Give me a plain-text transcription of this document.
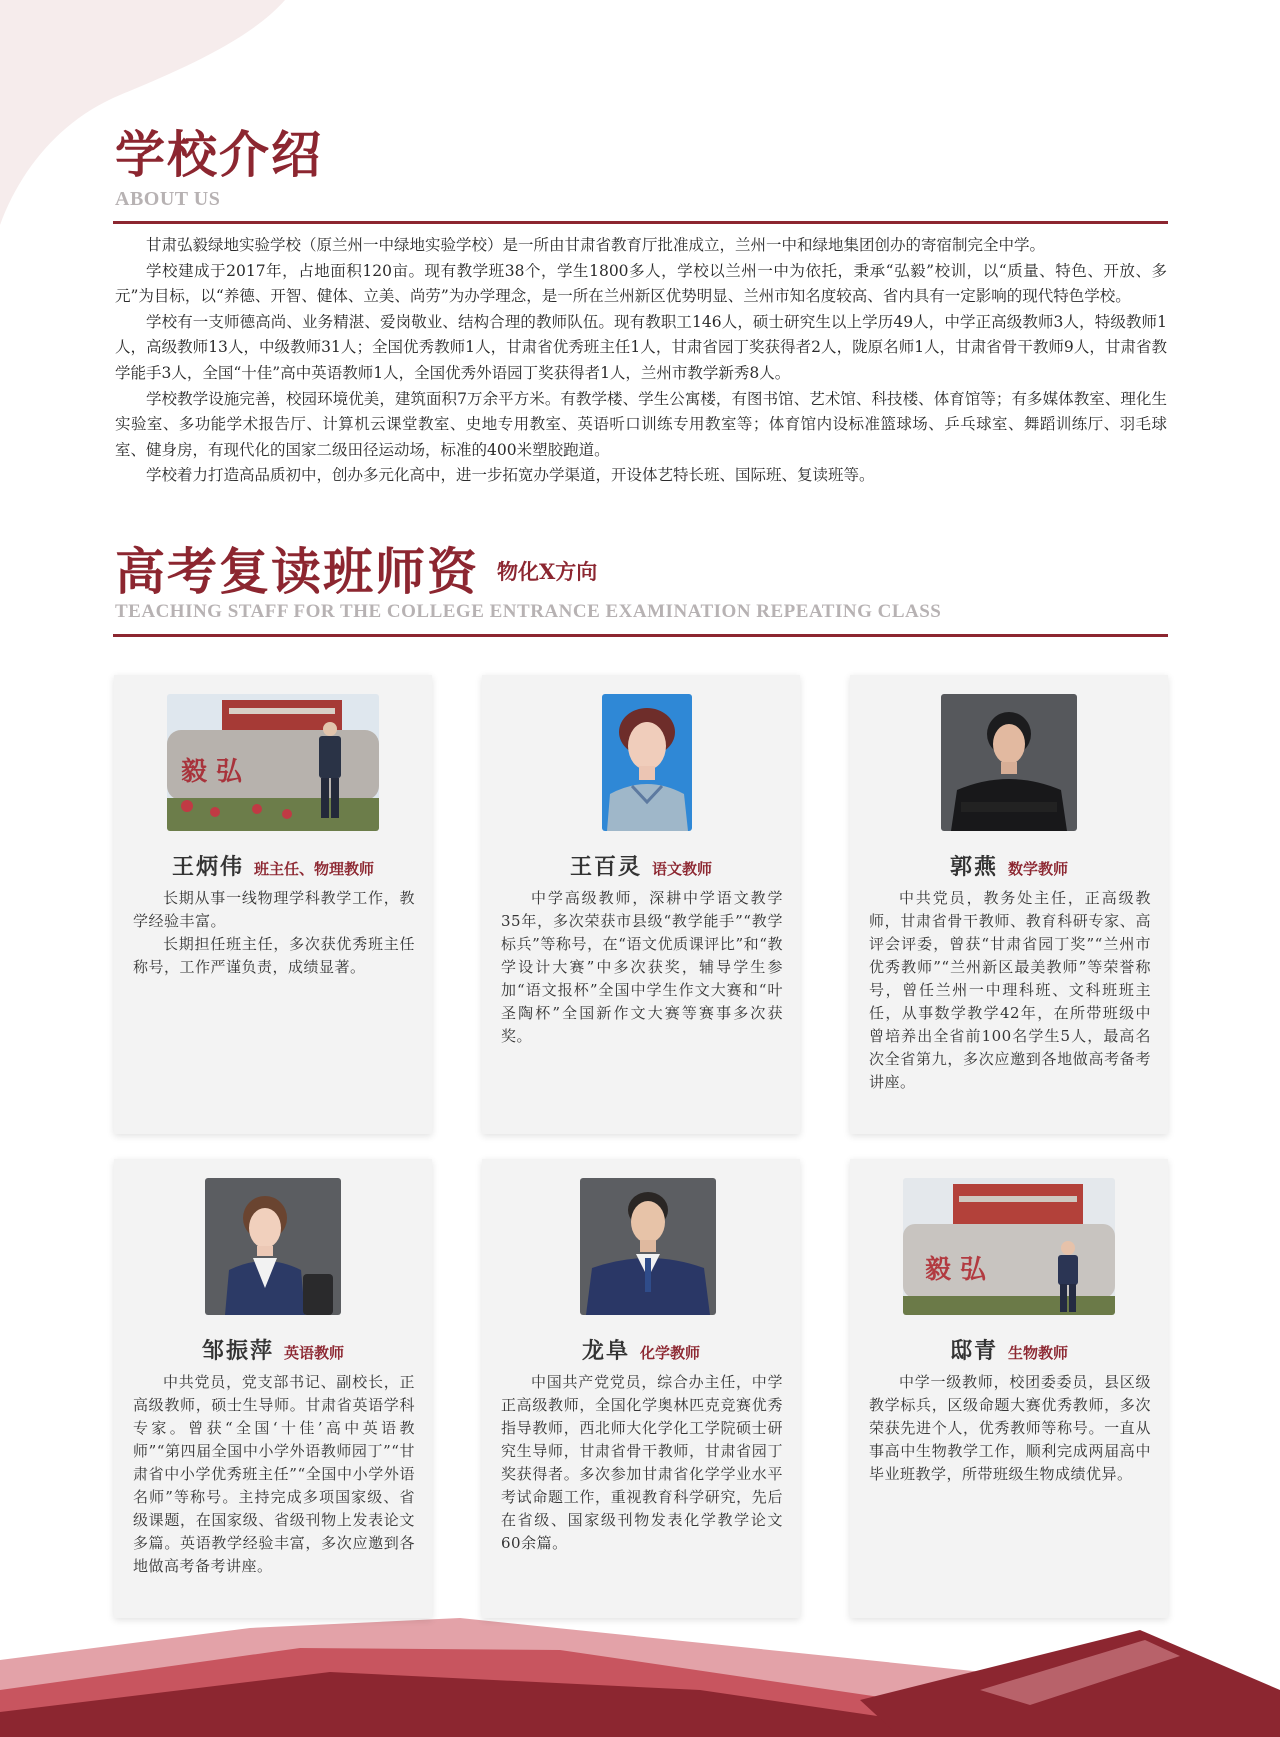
学校介绍
ABOUT US

甘肃弘毅绿地实验学校（原兰州一中绿地实验学校）是一所由甘肃省教育厅批准成立，兰州一中和绿地集团创办的寄宿制完全中学。

学校建成于2017年，占地面积120亩。现有教学班38个，学生1800多人，学校以兰州一中为依托，秉承“弘毅”校训，以“质量、特色、开放、多元”为目标，以“养德、开智、健体、立美、尚劳”为办学理念，是一所在兰州新区优势明显、兰州市知名度较高、省内具有一定影响的现代特色学校。

学校有一支师德高尚、业务精湛、爱岗敬业、结构合理的教师队伍。现有教职工146人，硕士研究生以上学历49人，中学正高级教师3人，特级教师1人，高级教师13人，中级教师31人；全国优秀教师1人，甘肃省优秀班主任1人，甘肃省园丁奖获得者2人，陇原名师1人，甘肃省骨干教师9人，甘肃省教学能手3人，全国“十佳”高中英语教师1人，全国优秀外语园丁奖获得者1人，兰州市教学新秀8人。

学校教学设施完善，校园环境优美，建筑面积7万余平方米。有教学楼、学生公寓楼，有图书馆、艺术馆、科技楼、体育馆等；有多媒体教室、理化生实验室、多功能学术报告厅、计算机云课堂教室、史地专用教室、英语听口训练专用教室等；体育馆内设标准篮球场、乒乓球室、舞蹈训练厅、羽毛球室、健身房，有现代化的国家二级田径运动场，标准的400米塑胶跑道。

学校着力打造高品质初中，创办多元化高中，进一步拓宽办学渠道，开设体艺特长班、国际班、复读班等。

高考复读班师资 物化X方向
TEACHING STAFF FOR THE COLLEGE ENTRANCE EXAMINATION REPEATING CLASS
毅 弘
王炳伟 班主任、物理教师

长期从事一线物理学科教学工作，教学经验丰富。

长期担任班主任，多次获优秀班主任称号，工作严谨负责，成绩显著。

王百灵 语文教师

中学高级教师，深耕中学语文教学35年，多次荣获市县级“教学能手”“教学标兵”等称号，在“语文优质课评比”和“教学设计大赛”中多次获奖，辅导学生参加“语文报杯”全国中学生作文大赛和“叶圣陶杯”全国新作文大赛等赛事多次获奖。

郭燕 数学教师

中共党员，教务处主任，正高级教师，甘肃省骨干教师、教育科研专家、高评会评委，曾获“甘肃省园丁奖”“兰州市优秀教师”“兰州新区最美教师”等荣誉称号，曾任兰州一中理科班、文科班班主任，从事数学教学42年，在所带班级中曾培养出全省前100名学生5人，最高名次全省第九，多次应邀到各地做高考备考讲座。

邹振萍 英语教师

中共党员，党支部书记、副校长，正高级教师，硕士生导师。甘肃省英语学科专家。曾获“全国‘十佳’高中英语教师”“第四届全国中小学外语教师园丁”“甘肃省中小学优秀班主任”“全国中小学外语名师”等称号。主持完成多项国家级、省级课题，在国家级、省级刊物上发表论文多篇。英语教学经验丰富，多次应邀到各地做高考备考讲座。

龙阜 化学教师

中国共产党党员，综合办主任，中学正高级教师，全国化学奥林匹克竞赛优秀指导教师，西北师大化学化工学院硕士研究生导师，甘肃省骨干教师，甘肃省园丁奖获得者。多次参加甘肃省化学学业水平考试命题工作，重视教育科学研究，先后在省级、国家级刊物发表化学教学论文60余篇。

毅 弘
邸青 生物教师

中学一级教师，校团委委员，县区级教学标兵，区级命题大赛优秀教师，多次荣获先进个人，优秀教师等称号。一直从事高中生物教学工作，顺利完成两届高中毕业班教学，所带班级生物成绩优异。
